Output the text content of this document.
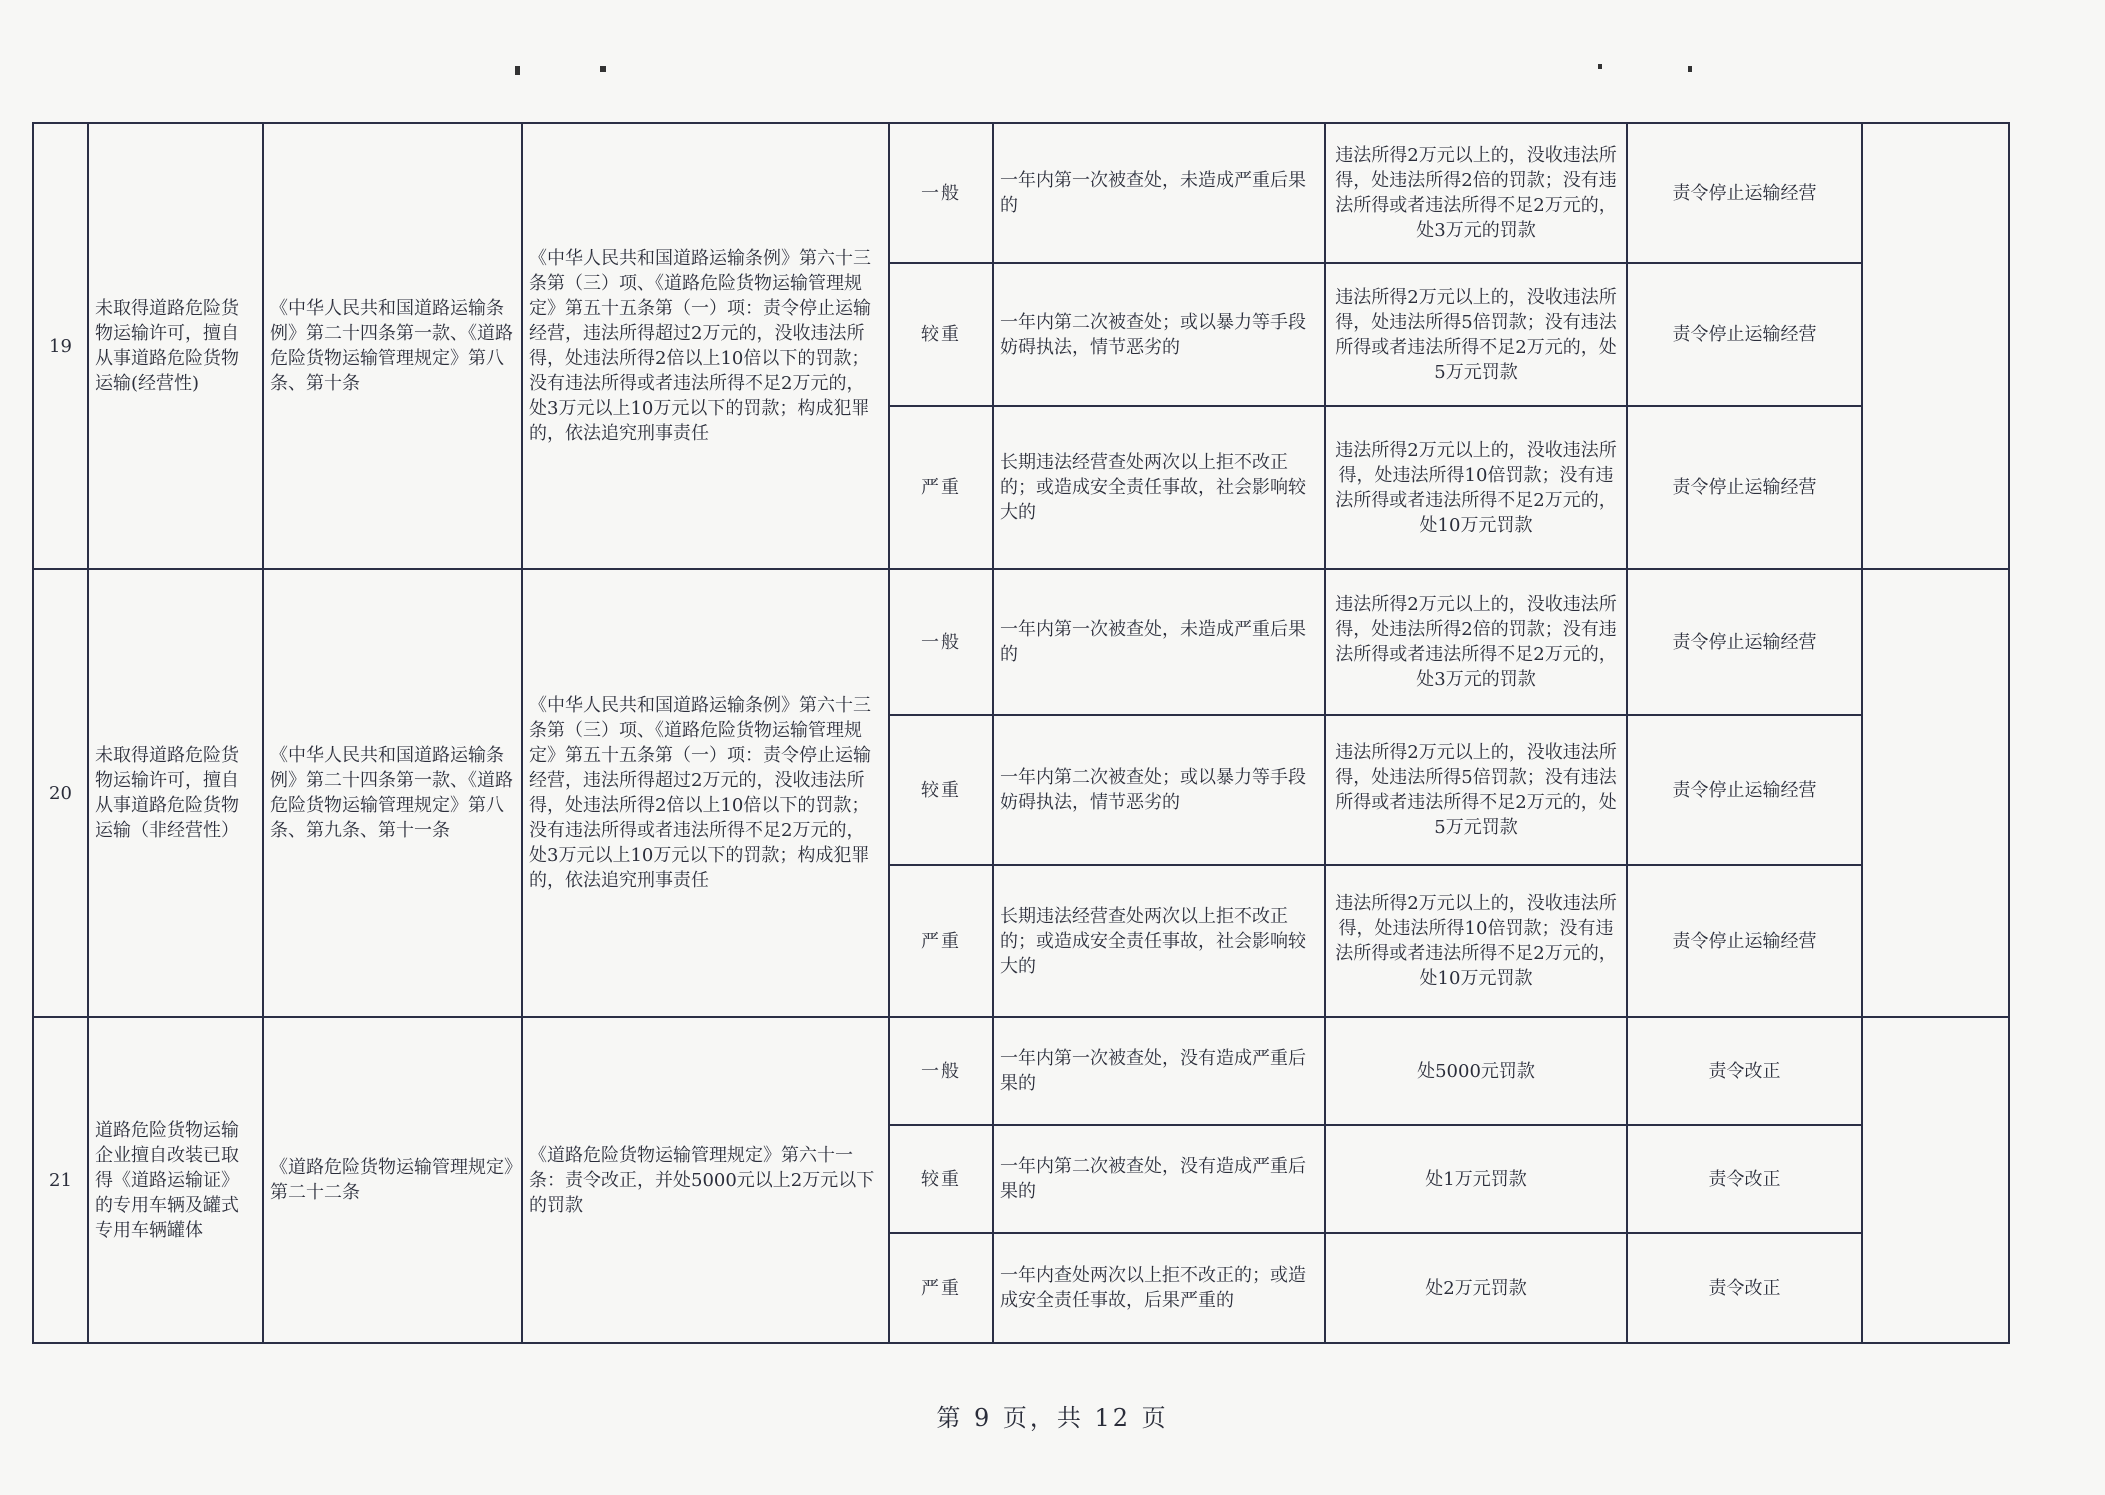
19	未取得道路危险货物运输许可，擅自从事道路危险货物运输(经营性)	《中华人民共和国道路运输条例》第二十四条第一款、《道路危险货物运输管理规定》第八条、第十条	《中华人民共和国道路运输条例》第六十三条第（三）项、《道路危险货物运输管理规定》第五十五条第（一）项：责令停止运输经营，违法所得超过2万元的，没收违法所得，处违法所得2倍以上10倍以下的罚款；没有违法所得或者违法所得不足2万元的，处3万元以上10万元以下的罚款；构成犯罪的，依法追究刑事责任	一般	一年内第一次被查处，未造成严重后果的	违法所得2万元以上的，没收违法所得，处违法所得2倍的罚款；没有违法所得或者违法所得不足2万元的，处3万元的罚款	责令停止运输经营	
				较重	一年内第二次被查处；或以暴力等手段妨碍执法，情节恶劣的	违法所得2万元以上的，没收违法所得，处违法所得5倍罚款；没有违法所得或者违法所得不足2万元的，处5万元罚款	责令停止运输经营	
				严重	长期违法经营查处两次以上拒不改正的；或造成安全责任事故，社会影响较大的	违法所得2万元以上的，没收违法所得，处违法所得10倍罚款；没有违法所得或者违法所得不足2万元的，处10万元罚款	责令停止运输经营	
20	未取得道路危险货物运输许可，擅自从事道路危险货物运输（非经营性）	《中华人民共和国道路运输条例》第二十四条第一款、《道路危险货物运输管理规定》第八条、第九条、第十一条	《中华人民共和国道路运输条例》第六十三条第（三）项、《道路危险货物运输管理规定》第五十五条第（一）项：责令停止运输经营，违法所得超过2万元的，没收违法所得，处违法所得2倍以上10倍以下的罚款；没有违法所得或者违法所得不足2万元的，处3万元以上10万元以下的罚款；构成犯罪的，依法追究刑事责任	一般	一年内第一次被查处，未造成严重后果的	违法所得2万元以上的，没收违法所得，处违法所得2倍的罚款；没有违法所得或者违法所得不足2万元的，处3万元的罚款	责令停止运输经营	
				较重	一年内第二次被查处；或以暴力等手段妨碍执法，情节恶劣的	违法所得2万元以上的，没收违法所得，处违法所得5倍罚款；没有违法所得或者违法所得不足2万元的，处5万元罚款	责令停止运输经营	
				严重	长期违法经营查处两次以上拒不改正的；或造成安全责任事故，社会影响较大的	违法所得2万元以上的，没收违法所得，处违法所得10倍罚款；没有违法所得或者违法所得不足2万元的，处10万元罚款	责令停止运输经营	
21	道路危险货物运输企业擅自改装已取得《道路运输证》的专用车辆及罐式专用车辆罐体	《道路危险货物运输管理规定》第二十二条	《道路危险货物运输管理规定》第六十一条：责令改正，并处5000元以上2万元以下的罚款	一般	一年内第一次被查处，没有造成严重后果的	处5000元罚款	责令改正	
				较重	一年内第二次被查处，没有造成严重后果的	处1万元罚款	责令改正	
				严重	一年内查处两次以上拒不改正的；或造成安全责任事故，后果严重的	处2万元罚款	责令改正	
第 9 页，共 12 页
